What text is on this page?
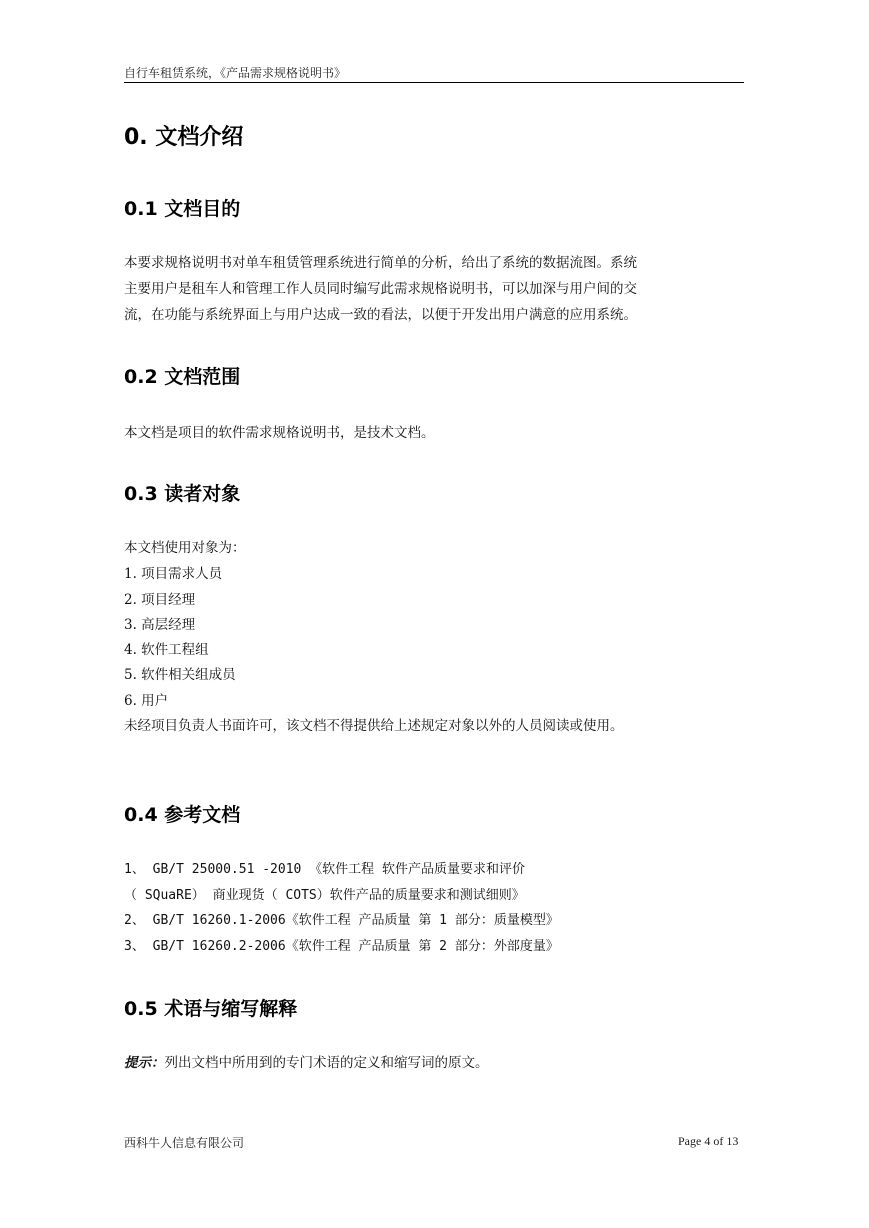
自行车租赁系统，《产品需求规格说明书》
0. 文档介绍
0.1 文档目的
本要求规格说明书对单车租赁管理系统进行简单的分析，给出了系统的数据流图。系统
主要用户是租车人和管理工作人员同时编写此需求规格说明书，可以加深与用户间的交
流，在功能与系统界面上与用户达成一致的看法，以便于开发出用户满意的应用系统。
0.2 文档范围
本文档是项目的软件需求规格说明书，是技术文档。
0.3 读者对象
本文档使用对象为：
1. 项目需求人员
2. 项目经理
3. 高层经理
4. 软件工程组
5. 软件相关组成员
6. 用户
未经项目负责人书面许可，该文档不得提供给上述规定对象以外的人员阅读或使用。
0.4 参考文档
1、 GB/T 25000.51 -2010 《软件工程 软件产品质量要求和评价
（ SQuaRE） 商业现货（ COTS）软件产品的质量要求和测试细则》
2、 GB/T 16260.1-2006《软件工程 产品质量 第 1 部分：质量模型》
3、 GB/T 16260.2-2006《软件工程 产品质量 第 2 部分：外部度量》
0.5 术语与缩写解释
提示：列出文档中所用到的专门术语的定义和缩写词的原文。
西科牛人信息有限公司	Page 4 of 13
